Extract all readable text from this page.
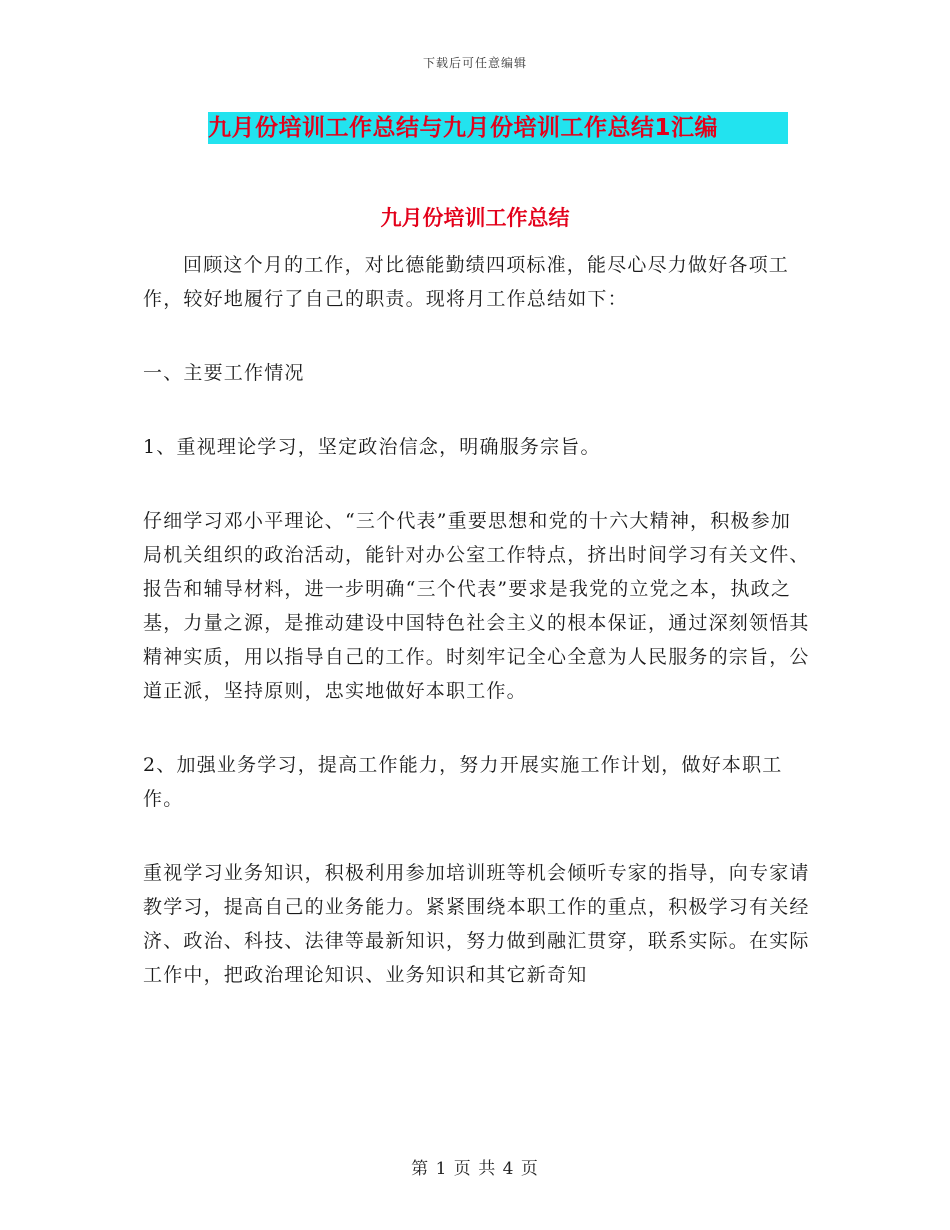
下载后可任意编辑
九月份培训工作总结与九月份培训工作总结1汇编
九月份培训工作总结

回顾这个月的工作，对比德能勤绩四项标准，能尽心尽力做好各项工作，较好地履行了自己的职责。现将月工作总结如下：

一、主要工作情况

1、重视理论学习，坚定政治信念，明确服务宗旨。

仔细学习邓小平理论、“三个代表”重要思想和党的十六大精神，积极参加局机关组织的政治活动，能针对办公室工作特点，挤出时间学习有关文件、报告和辅导材料，进一步明确“三个代表”要求是我党的立党之本，执政之基，力量之源，是推动建设中国特色社会主义的根本保证，通过深刻领悟其精神实质，用以指导自己的工作。时刻牢记全心全意为人民服务的宗旨，公道正派，坚持原则，忠实地做好本职工作。

2、加强业务学习，提高工作能力，努力开展实施工作计划，做好本职工作。

重视学习业务知识，积极利用参加培训班等机会倾听专家的指导，向专家请教学习，提高自己的业务能力。紧紧围绕本职工作的重点，积极学习有关经济、政治、科技、法律等最新知识，努力做到融汇贯穿，联系实际。在实际工作中，把政治理论知识、业务知识和其它新奇知

第 1 页 共 4 页
